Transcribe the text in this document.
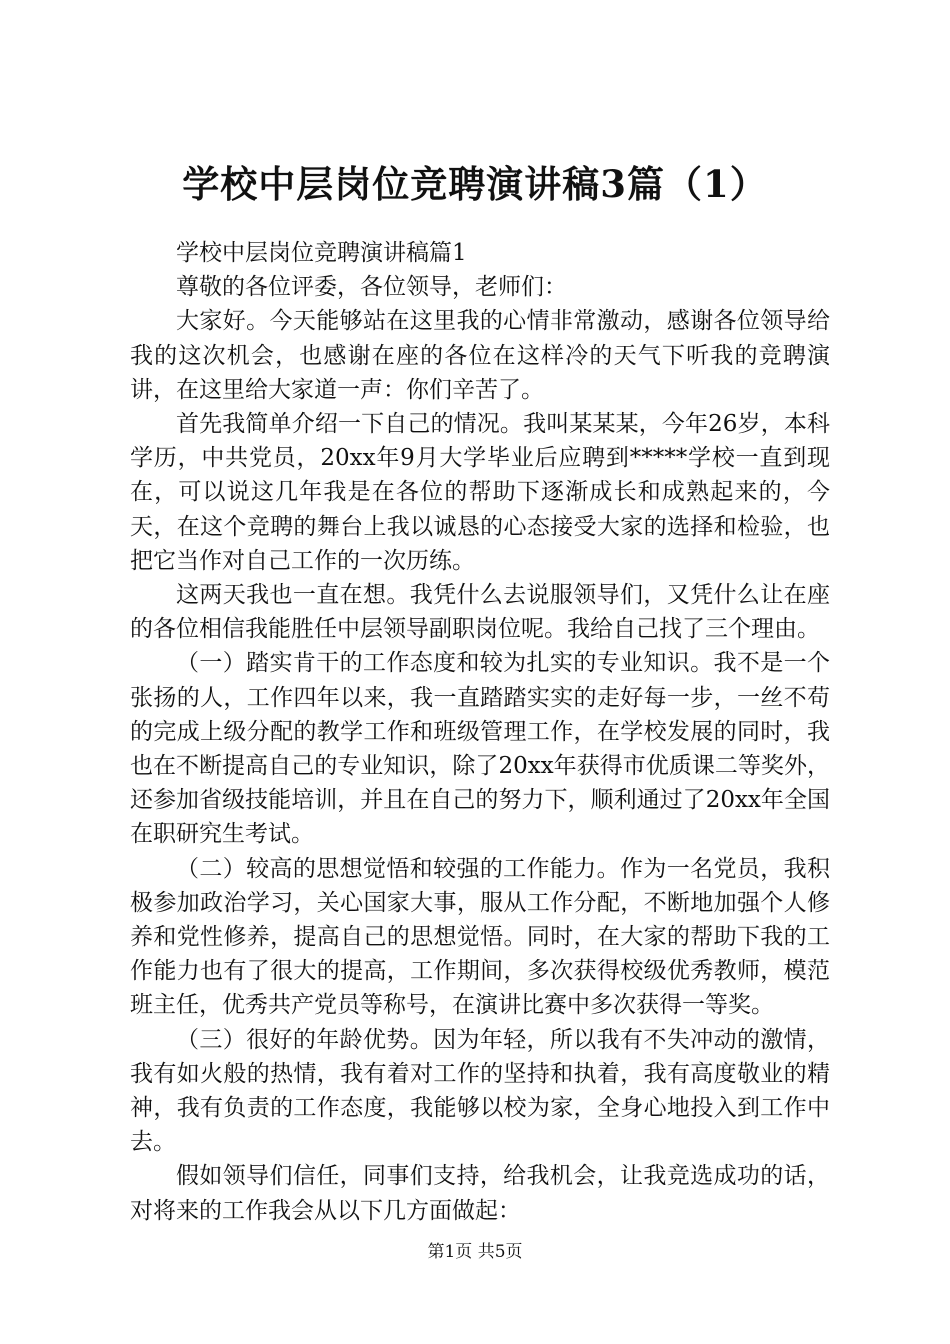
学校中层岗位竞聘演讲稿3篇（1）

学校中层岗位竞聘演讲稿篇1

尊敬的各位评委，各位领导，老师们：

大家好。今天能够站在这里我的心情非常激动，感谢各位领导给我的这次机会，也感谢在座的各位在这样冷的天气下听我的竞聘演讲，在这里给大家道一声：你们辛苦了。

首先我简单介绍一下自己的情况。我叫某某某，今年26岁，本科学历，中共党员，20xx年9月大学毕业后应聘到*****学校一直到现在，可以说这几年我是在各位的帮助下逐渐成长和成熟起来的，今天，在这个竞聘的舞台上我以诚恳的心态接受大家的选择和检验，也把它当作对自己工作的一次历练。

这两天我也一直在想。我凭什么去说服领导们，又凭什么让在座的各位相信我能胜任中层领导副职岗位呢。我给自己找了三个理由。

（一）踏实肯干的工作态度和较为扎实的专业知识。我不是一个张扬的人，工作四年以来，我一直踏踏实实的走好每一步，一丝不苟的完成上级分配的教学工作和班级管理工作，在学校发展的同时，我也在不断提高自己的专业知识，除了20xx年获得市优质课二等奖外，还参加省级技能培训，并且在自己的努力下，顺利通过了20xx年全国在职研究生考试。

（二）较高的思想觉悟和较强的工作能力。作为一名党员，我积极参加政治学习，关心国家大事，服从工作分配，不断地加强个人修养和党性修养，提高自己的思想觉悟。同时，在大家的帮助下我的工作能力也有了很大的提高，工作期间，多次获得校级优秀教师，模范班主任，优秀共产党员等称号，在演讲比赛中多次获得一等奖。

（三）很好的年龄优势。因为年轻，所以我有不失冲动的激情，我有如火般的热情，我有着对工作的坚持和执着，我有高度敬业的精神，我有负责的工作态度，我能够以校为家，全身心地投入到工作中去。

假如领导们信任，同事们支持，给我机会，让我竞选成功的话，对将来的工作我会从以下几方面做起：

第1页 共5页
